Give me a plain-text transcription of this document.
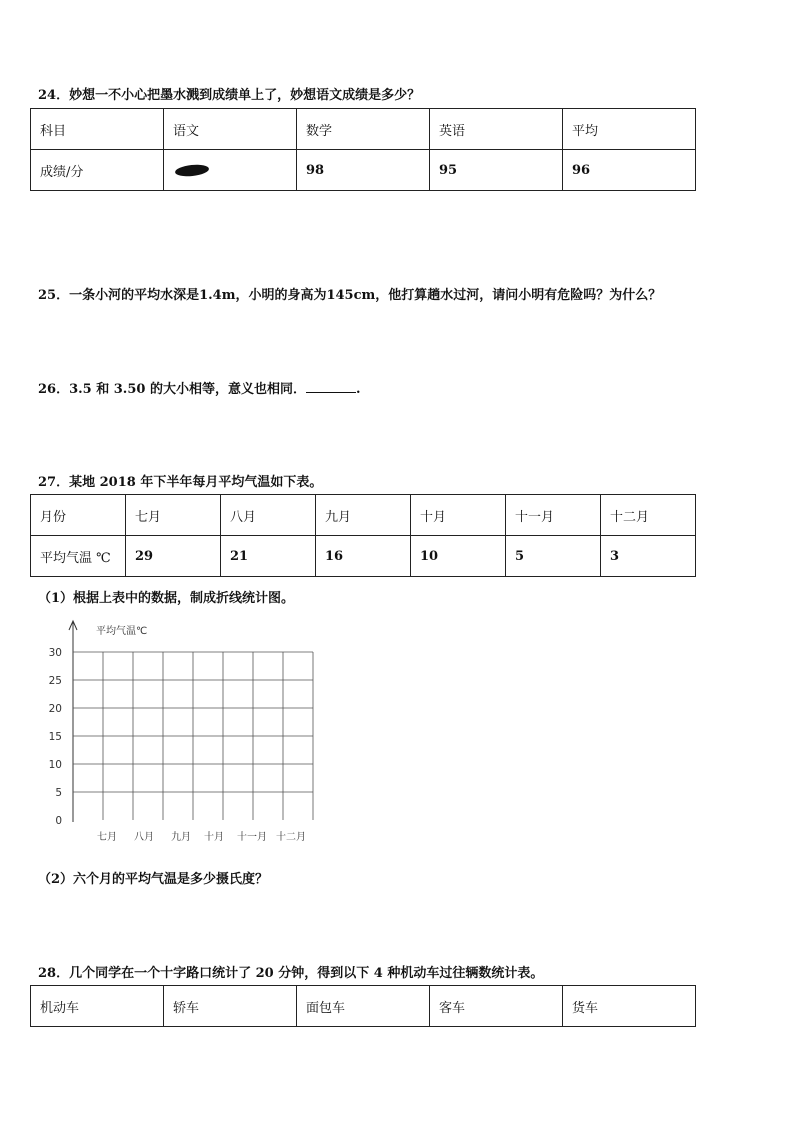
24．妙想一不小心把墨水溅到成绩单上了，妙想语文成绩是多少？
科目	语文	数学	英语	平均
成绩/分		98	95	96
25．一条小河的平均水深是1.4m，小明的身高为145cm，他打算趟水过河，请问小明有危险吗？为什么？
26．3.5 和 3.50 的大小相等，意义也相同．	.
27．某地 2018 年下半年每月平均气温如下表。
月份	七月	八月	九月	十月	十一月	十二月
平均气温 ℃	29	21	16	10	5	3
（1）根据上表中的数据，制成折线统计图。
平均气温℃
0
5
10
15
20
25
30
七月 八月 九月 十月 十一月 十二月
（2）六个月的平均气温是多少摄氏度？
28．几个同学在一个十字路口统计了 20 分钟，得到以下 4 种机动车过往辆数统计表。
机动车	轿车	面包车	客车	货车
